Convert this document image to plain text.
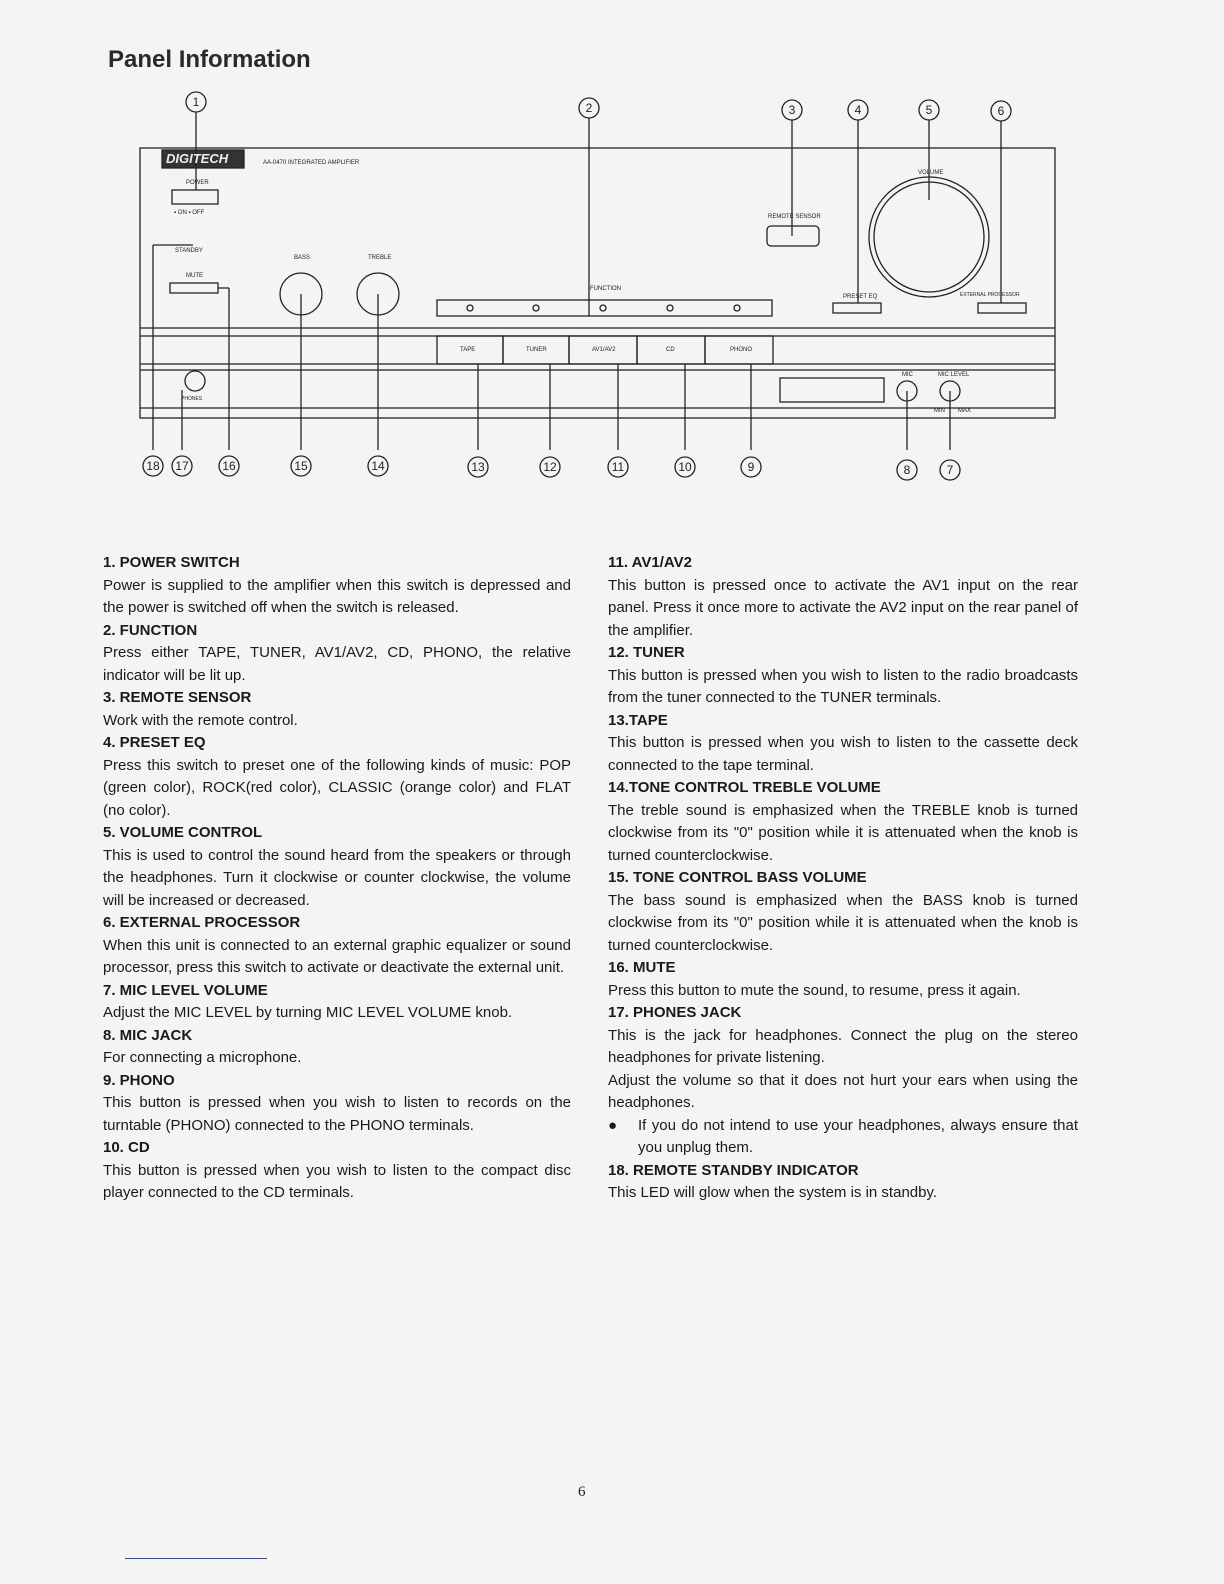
Panel Information
DIGITECH
audio
AA-0470 INTEGRATED AMPLIFIER
POWER
▪ ON ▪ OFF
STANDBY
MUTE
BASS	TREBLE
FUNCTION
REMOTE SENSOR
VOLUME
PRESET EQ	EXTERNAL PROCESSOR
TAPE	TUNER	AV1/AV2	CD	PHONO
PHONES
MIC	MIC LEVEL
MIN MAX
1	2	3	4	5	6
18 17	16	15	14	13	12	11	10	9	8	7
1. POWER SWITCH

Power is supplied to the amplifier when this switch is depressed and the power is switched off when the switch is released.

2. FUNCTION

Press either TAPE, TUNER, AV1/AV2, CD, PHONO, the relative indicator will be lit up.

3. REMOTE SENSOR

Work with the remote control.

4. PRESET EQ

Press this switch to preset one of the following kinds of music: POP (green color), ROCK(red color), CLASSIC (orange color) and FLAT (no color).

5. VOLUME CONTROL

This is used to control the sound heard from the speakers or through the headphones. Turn it clockwise or counter clockwise, the volume will be increased or decreased.

6. EXTERNAL PROCESSOR

When this unit is connected to an external graphic equalizer or sound processor, press this switch to activate or deactivate the external unit.

7. MIC LEVEL VOLUME

Adjust the MIC LEVEL by turning MIC LEVEL VOLUME knob.

8. MIC JACK

For connecting a microphone.

9. PHONO

This button is pressed when you wish to listen to records on the turntable (PHONO) connected to the PHONO terminals.

10. CD

This button is pressed when you wish to listen to the compact disc player connected to the CD terminals.

11. AV1/AV2

This button is pressed once to activate the AV1 input on the rear panel. Press it once more to activate the AV2 input on the rear panel of the amplifier.

12. TUNER

This button is pressed when you wish to listen to the radio broadcasts from the tuner connected to the TUNER terminals.

13.TAPE

This button is pressed when you wish to listen to the cassette deck connected to the tape terminal.

14.TONE CONTROL TREBLE VOLUME

The treble sound is emphasized when the TREBLE knob is turned clockwise from its "0" position while it is attenuated when the knob is turned counterclockwise.

15. TONE CONTROL BASS VOLUME

The bass sound is emphasized when the BASS knob is turned clockwise from its "0" position while it is attenuated when the knob is turned counterclockwise.

16. MUTE

Press this button to mute the sound, to resume, press it again.

17. PHONES JACK

This is the jack for headphones. Connect the plug on the stereo headphones for private listening.

Adjust the volume so that it does not hurt your ears when using the headphones.

●	If you do not intend to use your headphones, always ensure that you unplug them.

18. REMOTE STANDBY INDICATOR

This LED will glow when the system is in standby.

6
